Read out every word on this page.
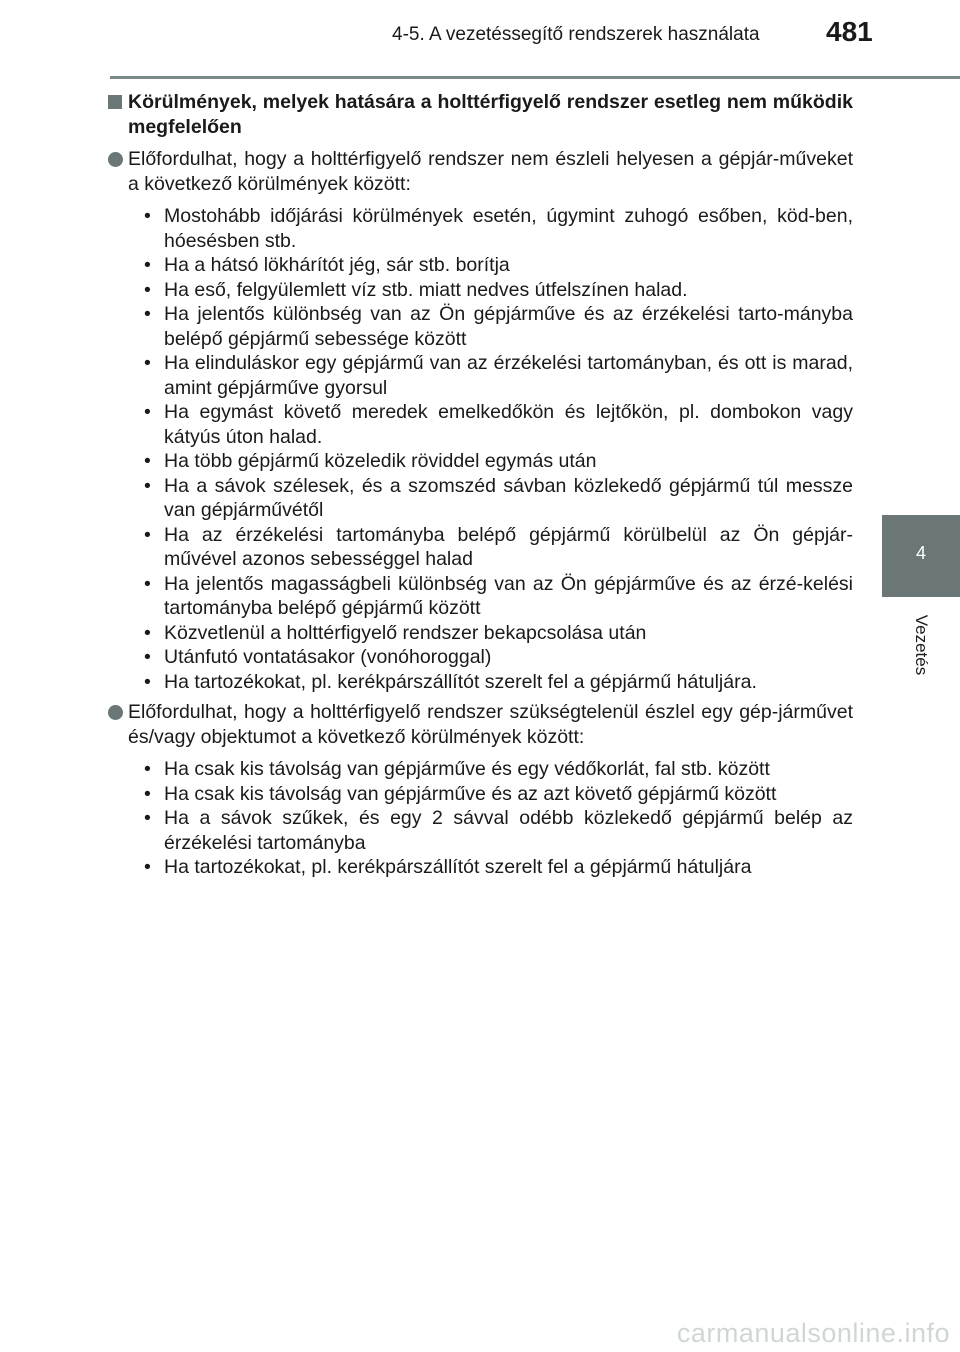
4-5. A vezetéssegítő rendszerek használata 481
4
Vezetés
Körülmények, melyek hatására a holttérfigyelő rendszer esetleg nem működik megfelelően
Előfordulhat, hogy a holttérfigyelő rendszer nem észleli helyesen a gépjár-műveket a következő körülmények között:
• Mostohább időjárási körülmények esetén, úgymint zuhogó esőben, köd-ben, hóesésben stb.
• Ha a hátsó lökhárítót jég, sár stb. borítja
• Ha eső, felgyülemlett víz stb. miatt nedves útfelszínen halad.
• Ha jelentős különbség van az Ön gépjárműve és az érzékelési tarto-mányba belépő gépjármű sebessége között
• Ha elinduláskor egy gépjármű van az érzékelési tartományban, és ott is marad, amint gépjárműve gyorsul
• Ha egymást követő meredek emelkedőkön és lejtőkön, pl. dombokon vagy kátyús úton halad.
• Ha több gépjármű közeledik röviddel egymás után
• Ha a sávok szélesek, és a szomszéd sávban közlekedő gépjármű túl messze van gépjárművétől
• Ha az érzékelési tartományba belépő gépjármű körülbelül az Ön gépjár-művével azonos sebességgel halad
• Ha jelentős magasságbeli különbség van az Ön gépjárműve és az érzé-kelési tartományba belépő gépjármű között
• Közvetlenül a holttérfigyelő rendszer bekapcsolása után
• Utánfutó vontatásakor (vonóhoroggal)
• Ha tartozékokat, pl. kerékpárszállítót szerelt fel a gépjármű hátuljára.
Előfordulhat, hogy a holttérfigyelő rendszer szükségtelenül észlel egy gép-járművet és/vagy objektumot a következő körülmények között:
• Ha csak kis távolság van gépjárműve és egy védőkorlát, fal stb. között
• Ha csak kis távolság van gépjárműve és az azt követő gépjármű között
• Ha a sávok szűkek, és egy 2 sávval odébb közlekedő gépjármű belép az érzékelési tartományba
• Ha tartozékokat, pl. kerékpárszállítót szerelt fel a gépjármű hátuljára
carmanualsonline.info
